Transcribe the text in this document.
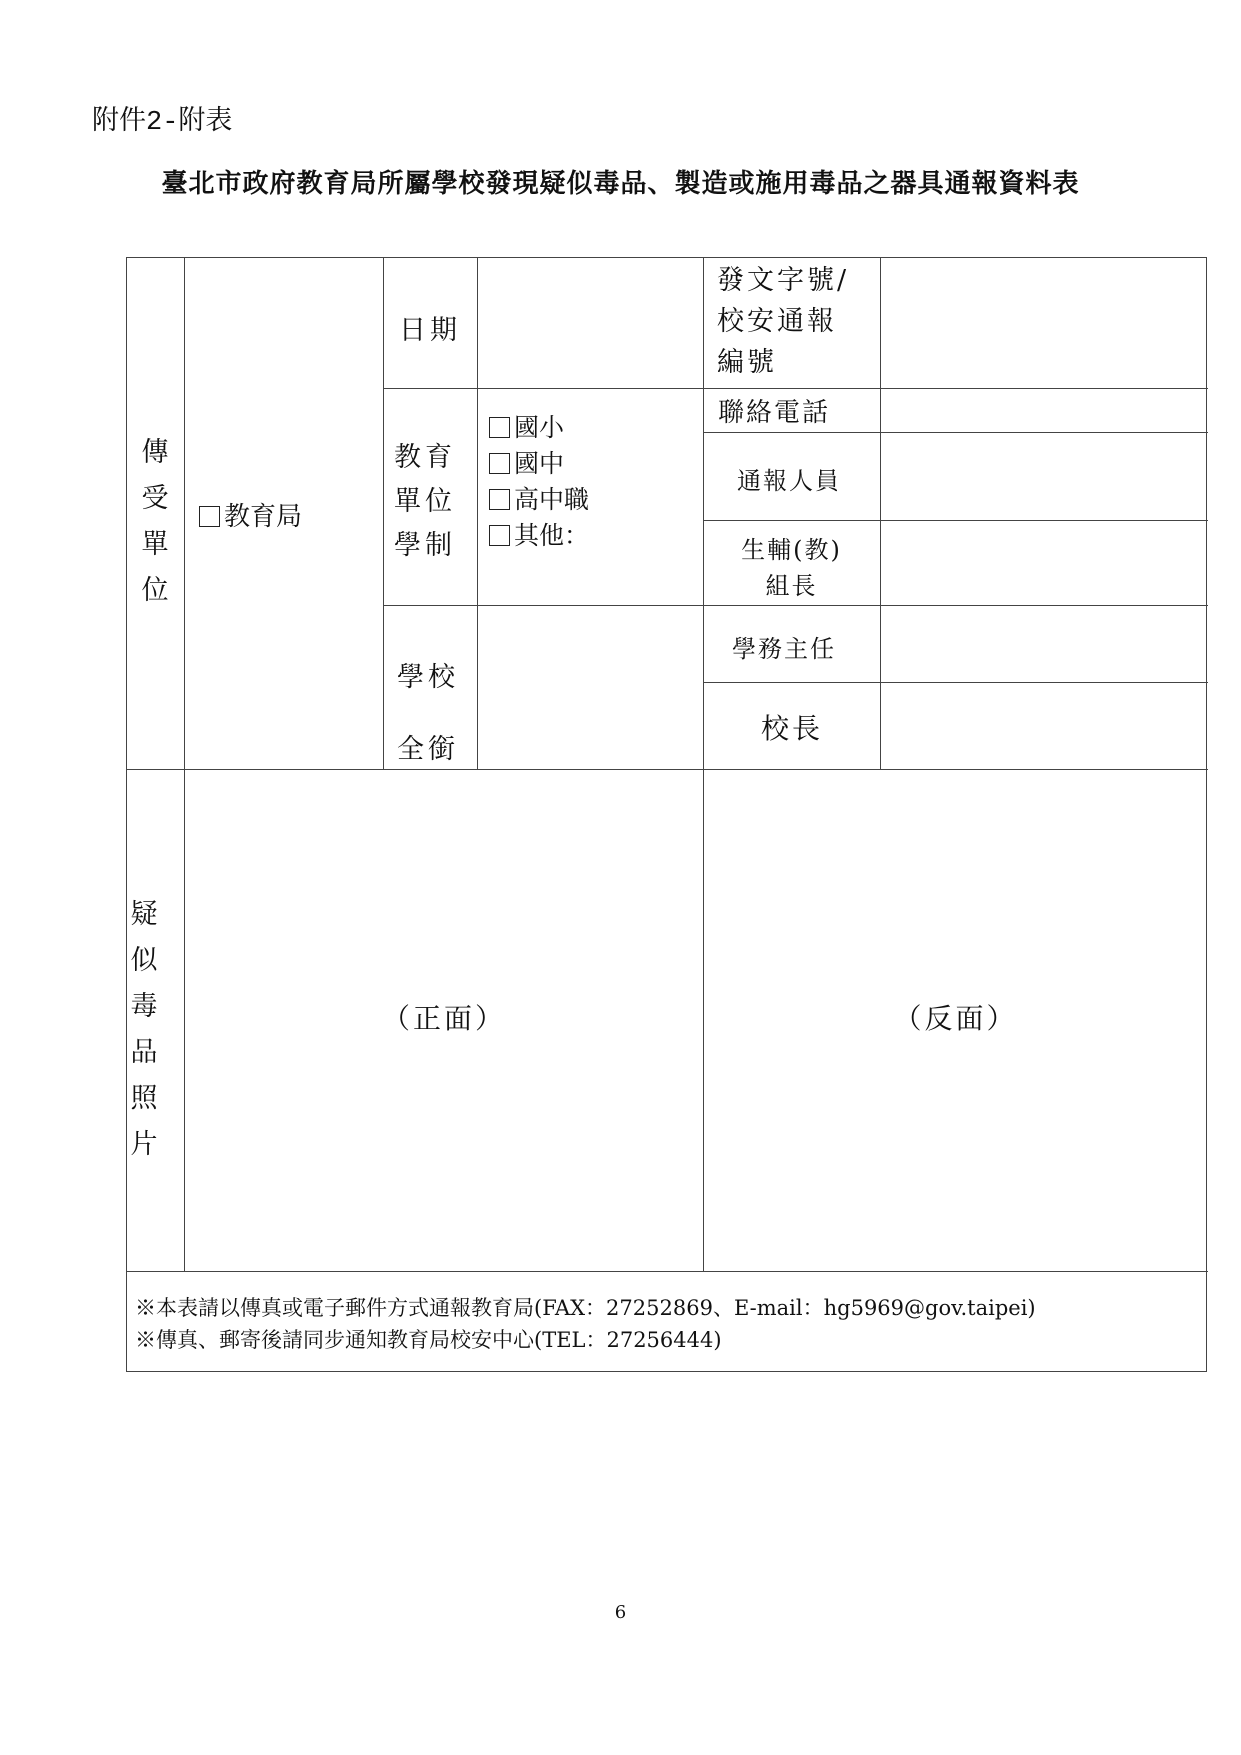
附件2-附表
臺北市政府教育局所屬學校發現疑似毒品、製造或施用毒品之器具通報資料表
傳
受
單
位
教育局
日期
發文字號/
校安通報
編號
教育
單位
學制
國小
國中
高中職
其他：
聯絡電話
通報人員
生輔(教)
組長
學校
全銜
學務主任
校長
疑
似
毒
品
照
片
（正面）	（反面）
※本表請以傳真或電子郵件方式通報教育局(FAX：27252869、E-mail：hg5969@gov.taipei)
※傳真、郵寄後請同步通知教育局校安中心(TEL：27256444)
6
